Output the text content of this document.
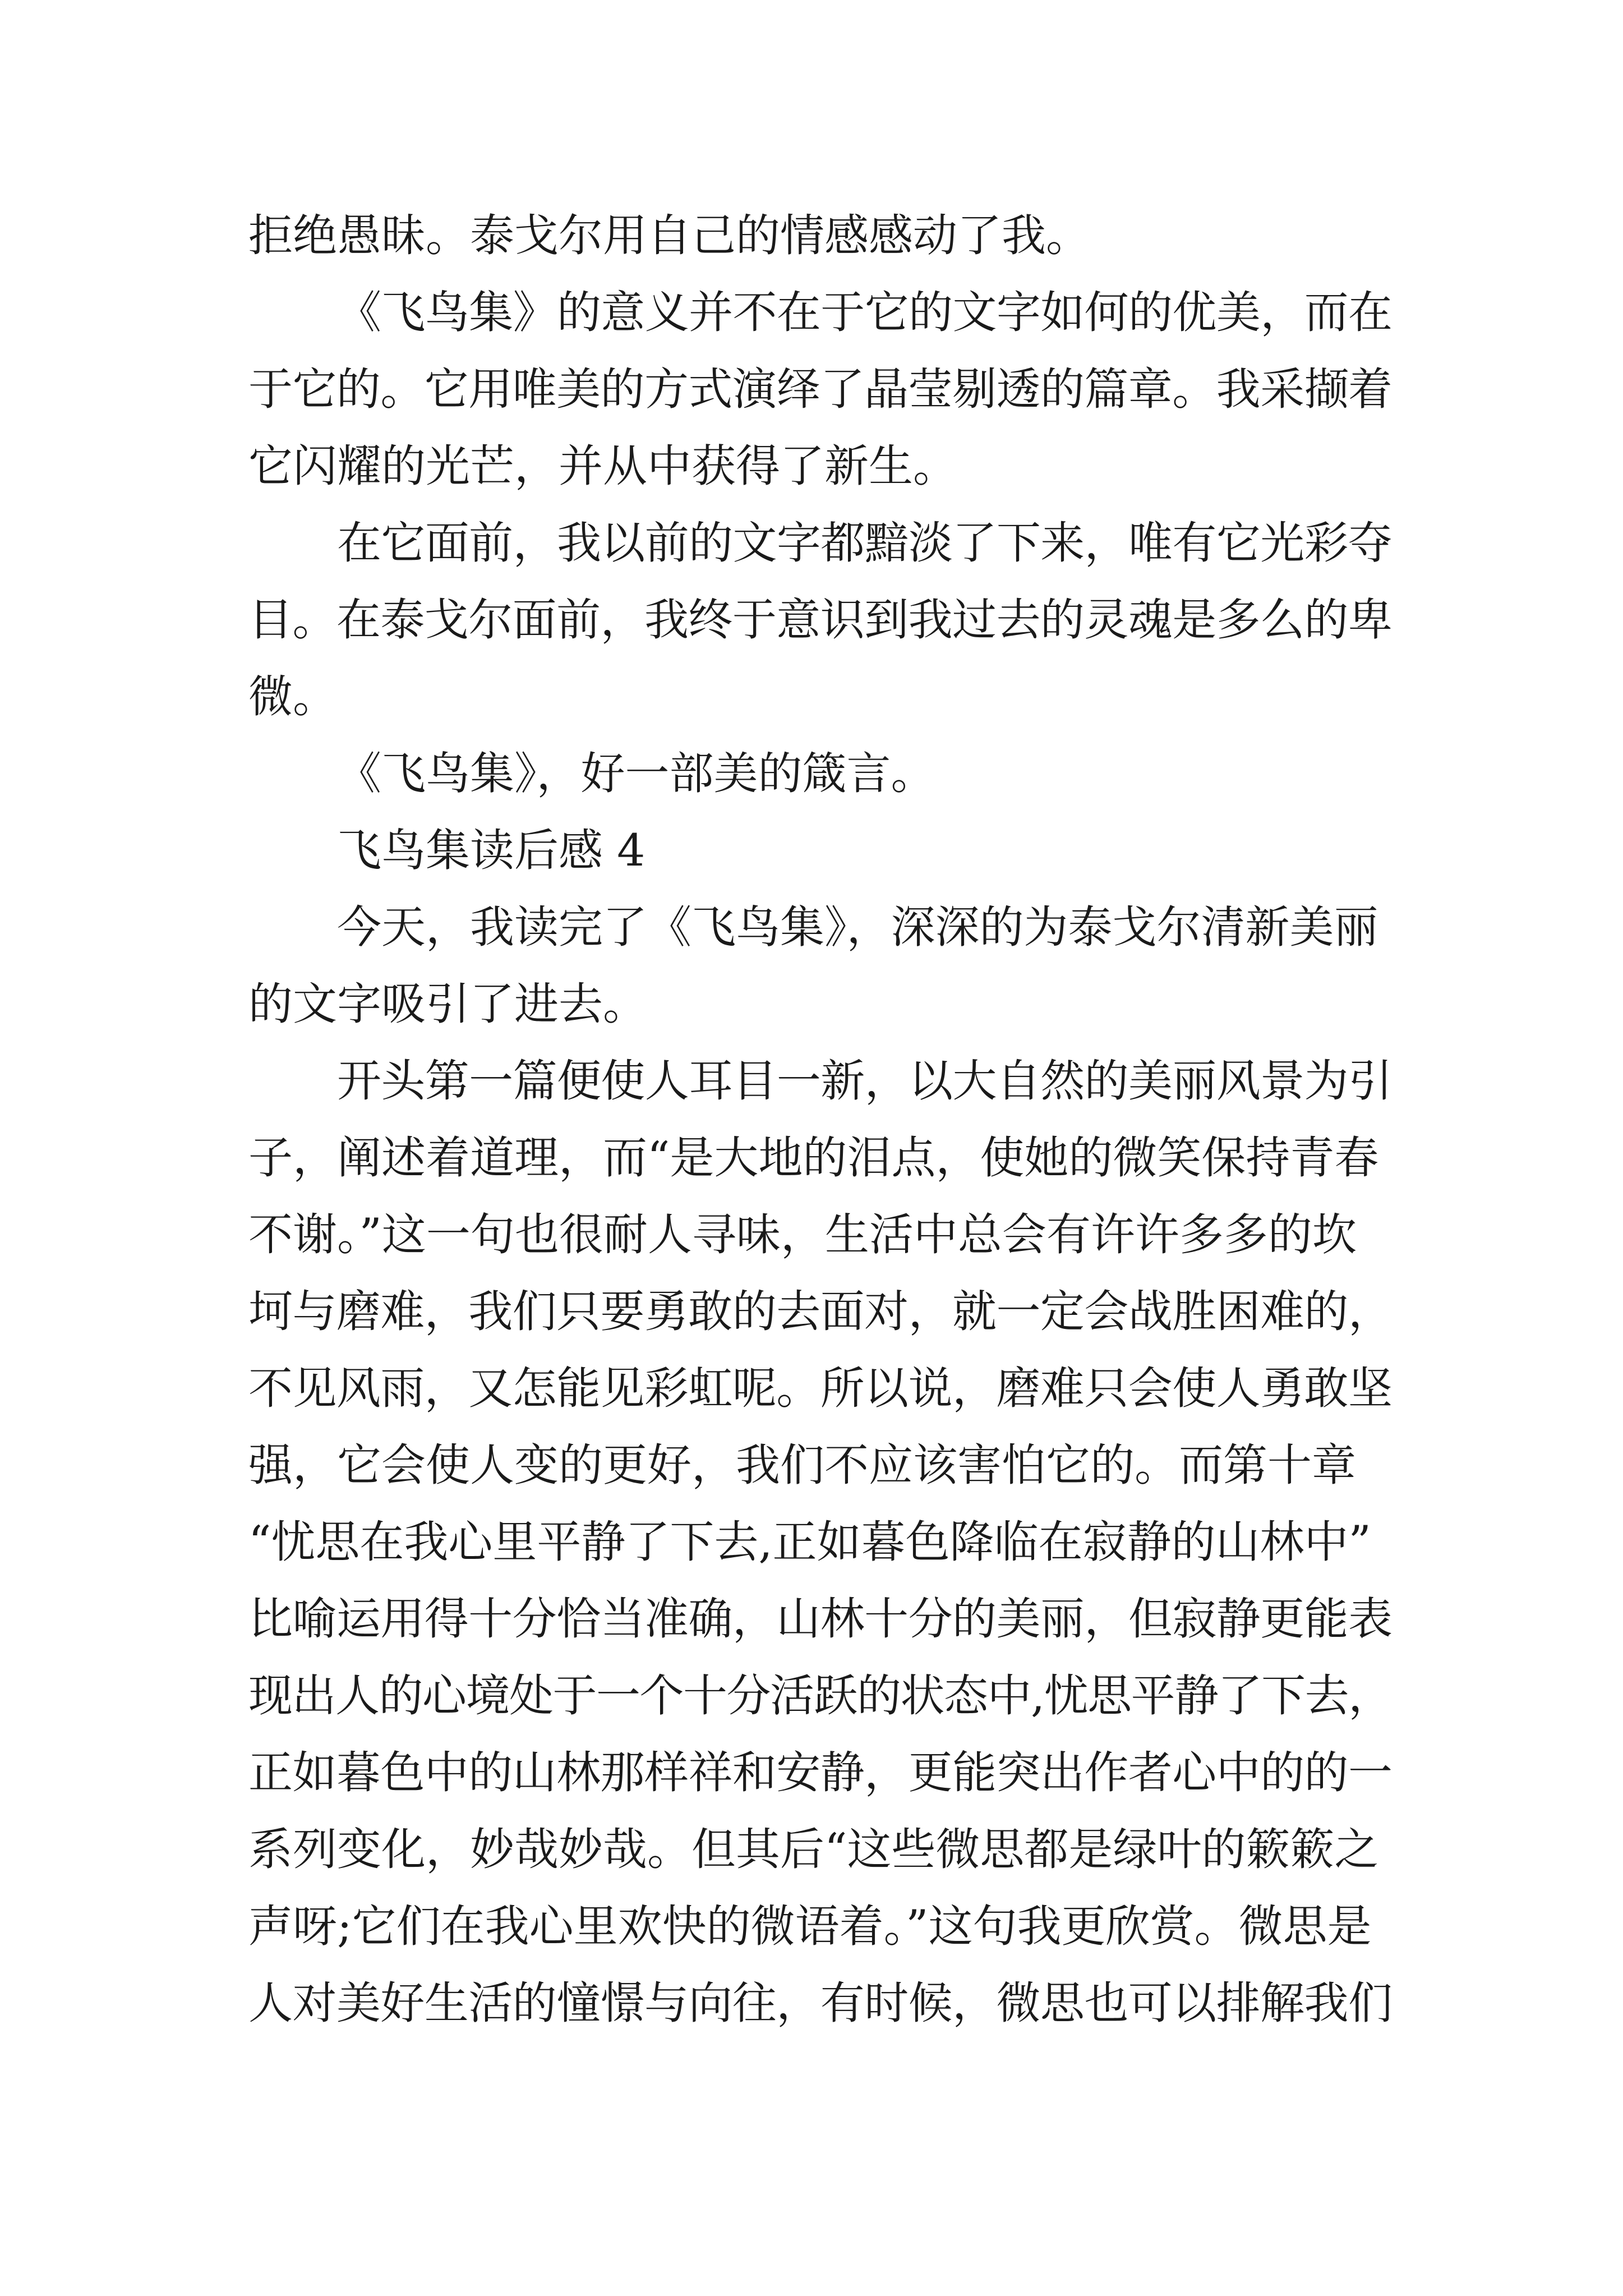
拒绝愚昧。泰戈尔用自己的情感感动了我。
《飞鸟集》的意义并不在于它的文字如何的优美，而在
于它的。它用唯美的方式演绎了晶莹剔透的篇章。我采撷着
它闪耀的光芒，并从中获得了新生。
在它面前，我以前的文字都黯淡了下来，唯有它光彩夺
目。在泰戈尔面前，我终于意识到我过去的灵魂是多么的卑
微。
《飞鸟集》，好一部美的箴言。
飞鸟集读后感 4
今天，我读完了《飞鸟集》，深深的为泰戈尔清新美丽
的文字吸引了进去。
开头第一篇便使人耳目一新，以大自然的美丽风景为引
子，阐述着道理，而“是大地的泪点，使她的微笑保持青春
不谢。”这一句也很耐人寻味，生活中总会有许许多多的坎
坷与磨难，我们只要勇敢的去面对，就一定会战胜困难的，
不见风雨，又怎能见彩虹呢。所以说，磨难只会使人勇敢坚
强，它会使人变的更好，我们不应该害怕它的。而第十章
“忧思在我心里平静了下去,正如暮色降临在寂静的山林中”
比喻运用得十分恰当准确，山林十分的美丽，但寂静更能表
现出人的心境处于一个十分活跃的状态中,忧思平静了下去，
正如暮色中的山林那样祥和安静，更能突出作者心中的的一
系列变化，妙哉妙哉。但其后“这些微思都是绿叶的簌簌之
声呀;它们在我心里欢快的微语着。”这句我更欣赏。微思是
人对美好生活的憧憬与向往，有时候，微思也可以排解我们
